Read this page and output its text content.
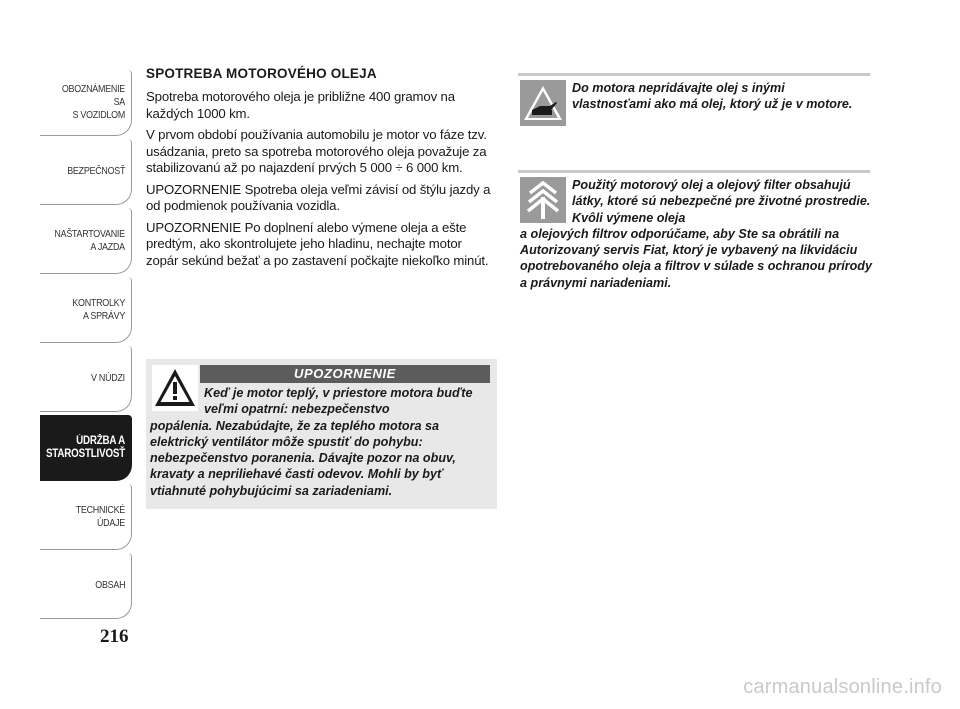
OBOZNÁMENIE SA
S VOZIDLOM
BEZPEČNOSŤ
NAŠTARTOVANIE
A JAZDA
KONTROLKY
A SPRÁVY
V NÚDZI
ÚDRŽBA A
STAROSTLIVOSŤ
TECHNICKÉ
ÚDAJE
OBSAH
216
SPOTREBA MOTOROVÉHO OLEJA

Spotreba motorového oleja je približne 400 gramov na každých 1000 km.

V prvom období používania automobilu je motor vo fáze tzv. usádzania, preto sa spotreba motorového oleja považuje za stabilizovanú až po najazdení prvých 5 000 ÷ 6 000 km.

UPOZORNENIE Spotreba oleja veľmi závisí od štýlu jazdy a od podmienok používania vozidla.

UPOZORNENIE Po doplnení alebo výmene oleja a ešte predtým, ako skontrolujete jeho hladinu, nechajte motor zopár sekúnd bežať a po zastavení počkajte niekoľko minút.

UPOZORNENIE
Keď je motor teplý, v priestore motora buďte veľmi opatrní: nebezpečenstvo
popálenia. Nezabúdajte, že za teplého motora sa elektrický ventilátor môže spustiť do pohybu: nebezpečenstvo poranenia. Dávajte pozor na obuv, kravaty a nepriliehavé časti odevov. Mohli by byť vtiahnuté pohybujúcimi sa zariadeniami.
Do motora nepridávajte olej s inými vlastnosťami ako má olej, ktorý už je v motore.
Použitý motorový olej a olejový filter obsahujú látky, ktoré sú nebezpečné pre životné prostredie. Kvôli výmene oleja
a olejových filtrov odporúčame, aby Ste sa obrátili na Autorizovaný servis Fiat, ktorý je vybavený na likvidáciu opotrebovaného oleja a filtrov v súlade s ochranou prírody a právnymi nariadeniami.
carmanualsonline.info
